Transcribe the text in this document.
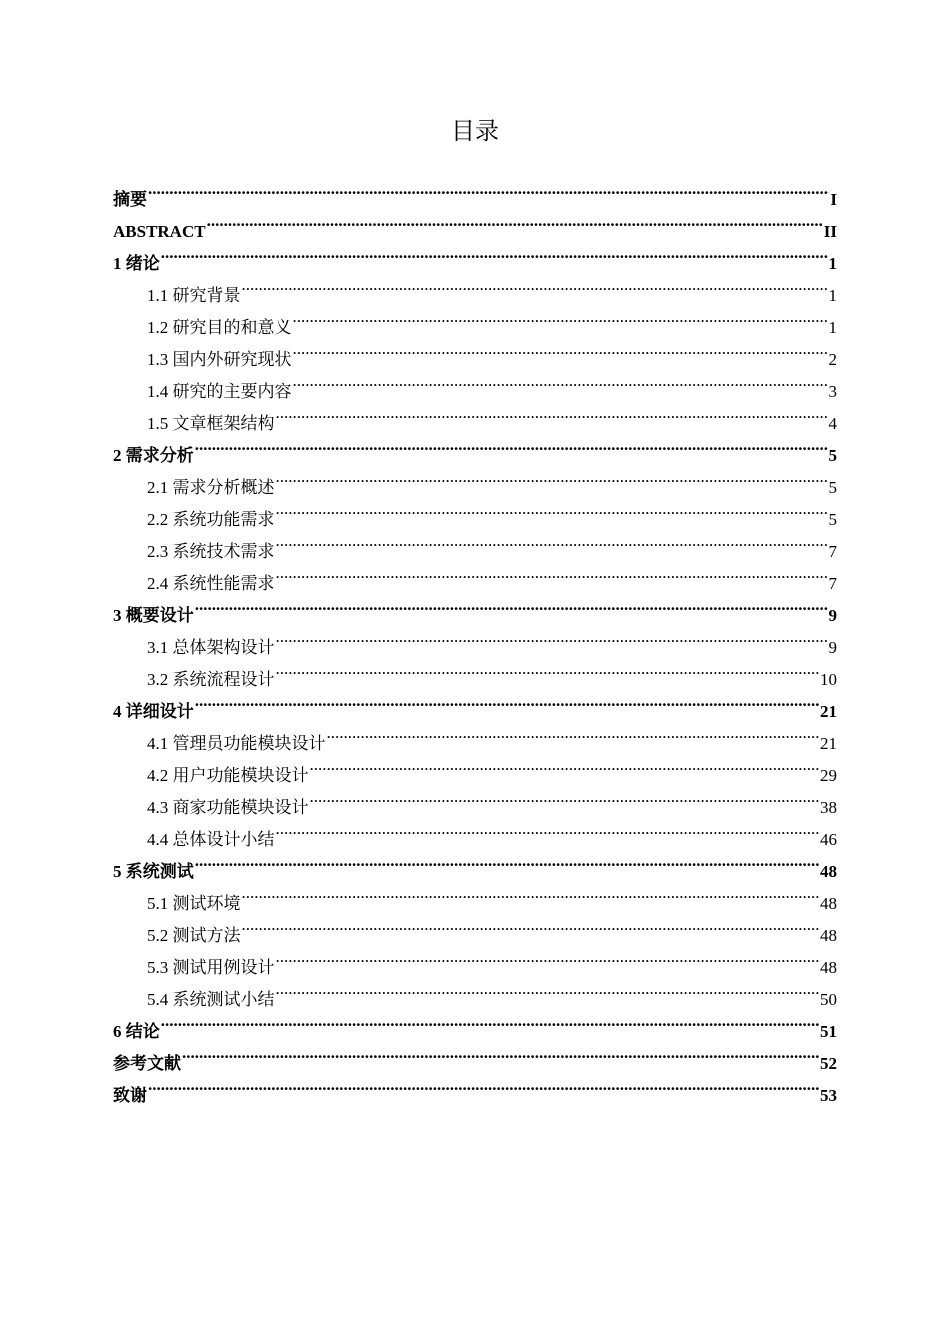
目录
摘要 .....	I
ABSTRACT .....	II
1 绪论 .....	1
1.1 研究背景 .....	1
1.2 研究目的和意义 .....	1
1.3 国内外研究现状 .....	2
1.4 研究的主要内容 .....	3
1.5 文章框架结构 .....	4
2 需求分析 .....	5
2.1 需求分析概述 .....	5
2.2 系统功能需求 .....	5
2.3 系统技术需求 .....	7
2.4 系统性能需求 .....	7
3 概要设计 .....	9
3.1 总体架构设计 .....	9
3.2 系统流程设计 .....	10
4 详细设计 .....	21
4.1 管理员功能模块设计 .....	21
4.2 用户功能模块设计 .....	29
4.3 商家功能模块设计 .....	38
4.4 总体设计小结 .....	46
5 系统测试 .....	48
5.1 测试环境 .....	48
5.2 测试方法 .....	48
5.3 测试用例设计 .....	48
5.4 系统测试小结 .....	50
6 结论 .....	51
参考文献 .....	52
致谢 .....	53
